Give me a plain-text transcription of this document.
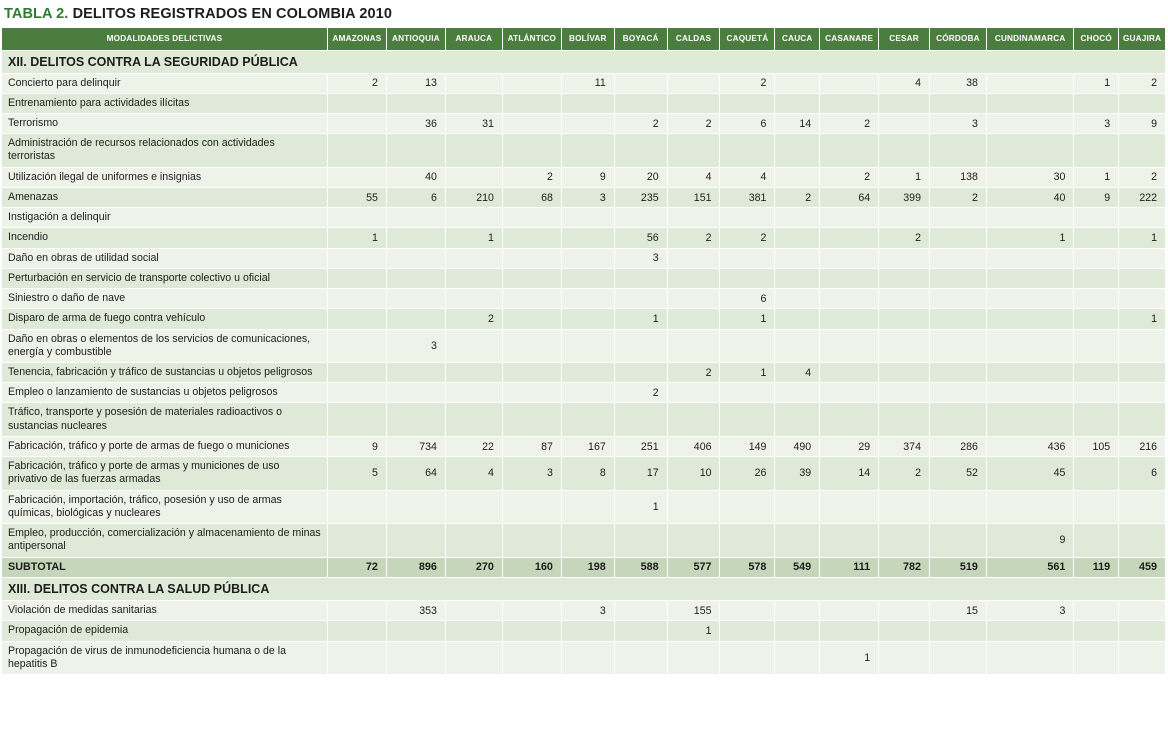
TABLA 2. DELITOS REGISTRADOS EN COLOMBIA 2010
MODALIDADES DELICTIVAS	AMAZONAS	ANTIOQUIA	ARAUCA	ATLÁNTICO	BOLÍVAR	BOYACÁ	CALDAS	CAQUETÁ	CAUCA	CASANARE	CESAR	CÓRDOBA	CUNDINAMARCA	CHOCÓ	GUAJIRA
XII. DELITOS CONTRA LA SEGURIDAD PÚBLICA															
Concierto para delinquir	2	13			11			2			4	38		1	2
Entrenamiento para actividades ilícitas															
Terrorismo		36	31			2	2	6	14	2		3		3	9
Administración de recursos relacionados con actividades terroristas															
Utilización ilegal de uniformes e insignias		40		2	9	20	4	4		2	1	138	30	1	2
Amenazas	55	6	210	68	3	235	151	381	2	64	399	2	40	9	222
Instigación a delinquir															
Incendio	1		1			56	2	2			2		1		1
Daño en obras de utilidad social						3									
Perturbación en servicio de transporte colectivo u oficial															
Siniestro o daño de nave								6							
Disparo de arma de fuego contra vehículo			2			1		1							1
Daño en obras o elementos de los servicios de comunicaciones, energía y combustible		3													
Tenencia, fabricación y tráfico de sustancias u objetos peligrosos							2	1	4						
Empleo o lanzamiento de sustancias u objetos peligrosos						2									
Tráfico, transporte y posesión de materiales radioactivos o sustancias nucleares															
Fabricación, tráfico y porte de armas de fuego o municiones	9	734	22	87	167	251	406	149	490	29	374	286	436	105	216
Fabricación, tráfico y porte de armas y municiones de uso privativo de las fuerzas armadas	5	64	4	3	8	17	10	26	39	14	2	52	45		6
Fabricación, importación, tráfico, posesión y uso de armas químicas, biológicas y nucleares						1									
Empleo, producción, comercialización y almacenamiento de minas antipersonal													9		
SUBTOTAL	72	896	270	160	198	588	577	578	549	111	782	519	561	119	459
XIII. DELITOS CONTRA LA SALUD PÚBLICA															
Violación de medidas sanitarias		353			3		155					15	3		
Propagación de epidemia							1								
Propagación de virus de inmunodeficiencia humana o de la hepatitis B										1					
